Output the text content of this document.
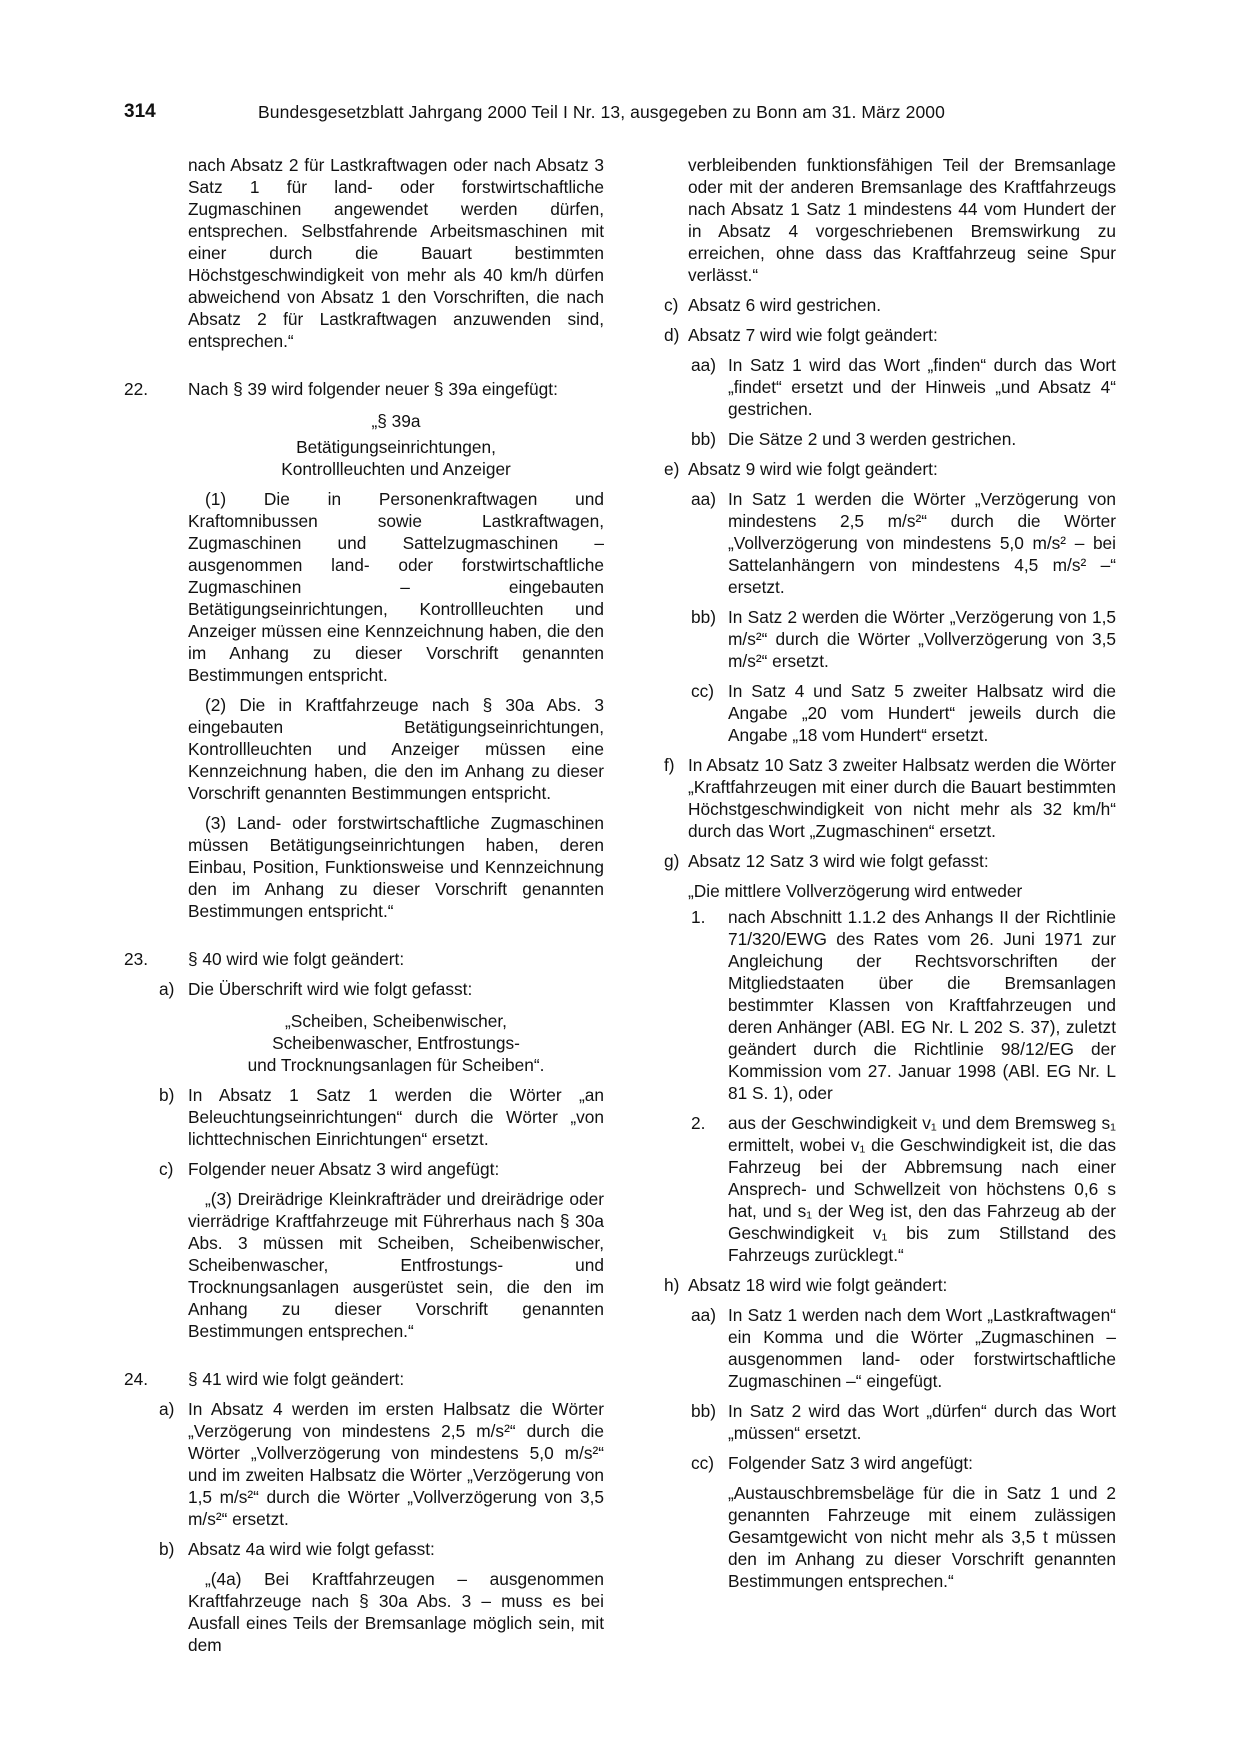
314	Bundesgesetzblatt Jahrgang 2000 Teil I Nr. 13, ausgegeben zu Bonn am 31. März 2000

nach Absatz 2 für Lastkraftwagen oder nach Absatz 3 Satz 1 für land- oder forstwirtschaftliche Zugmaschinen angewendet werden dürfen, entsprechen. Selbstfahrende Arbeitsmaschinen mit einer durch die Bauart bestimmten Höchstgeschwindigkeit von mehr als 40 km/h dürfen abweichend von Absatz 1 den Vorschriften, die nach Absatz 2 für Lastkraftwagen anzuwenden sind, entsprechen.“

22. Nach § 39 wird folgender neuer § 39a eingefügt:

„§ 39a

Betätigungseinrichtungen,

Kontrollleuchten und Anzeiger

(1) Die in Personenkraftwagen und Kraftomnibussen sowie Lastkraftwagen, Zugmaschinen und Sattelzugmaschinen – ausgenommen land- oder forstwirtschaftliche Zugmaschinen – eingebauten Betätigungseinrichtungen, Kontrollleuchten und Anzeiger müssen eine Kennzeichnung haben, die den im Anhang zu dieser Vorschrift genannten Bestimmungen entspricht.

(2) Die in Kraftfahrzeuge nach § 30a Abs. 3 eingebauten Betätigungseinrichtungen, Kontrollleuchten und Anzeiger müssen eine Kennzeichnung haben, die den im Anhang zu dieser Vorschrift genannten Bestimmungen entspricht.

(3) Land- oder forstwirtschaftliche Zugmaschinen müssen Betätigungseinrichtungen haben, deren Einbau, Position, Funktionsweise und Kennzeichnung den im Anhang zu dieser Vorschrift genannten Bestimmungen entspricht.“

23. § 40 wird wie folgt geändert:

a) Die Überschrift wird wie folgt gefasst:

„Scheiben, Scheibenwischer,

Scheibenwascher, Entfrostungs-

und Trocknungsanlagen für Scheiben“.

b) In Absatz 1 Satz 1 werden die Wörter „an Beleuchtungseinrichtungen“ durch die Wörter „von lichttechnischen Einrichtungen“ ersetzt.

c) Folgender neuer Absatz 3 wird angefügt:

„(3) Dreirädrige Kleinkrafträder und dreirädrige oder vierrädrige Kraftfahrzeuge mit Führerhaus nach § 30a Abs. 3 müssen mit Scheiben, Scheibenwischer, Scheibenwascher, Entfrostungs- und Trocknungsanlagen ausgerüstet sein, die den im Anhang zu dieser Vorschrift genannten Bestimmungen entsprechen.“

24. § 41 wird wie folgt geändert:

a) In Absatz 4 werden im ersten Halbsatz die Wörter „Verzögerung von mindestens 2,5 m/s²“ durch die Wörter „Vollverzögerung von mindestens 5,0 m/s²“ und im zweiten Halbsatz die Wörter „Verzögerung von 1,5 m/s²“ durch die Wörter „Vollverzögerung von 3,5 m/s²“ ersetzt.

b) Absatz 4a wird wie folgt gefasst:

„(4a) Bei Kraftfahrzeugen – ausgenommen Kraftfahrzeuge nach § 30a Abs. 3 – muss es bei Ausfall eines Teils der Bremsanlage möglich sein, mit dem

verbleibenden funktionsfähigen Teil der Bremsanlage oder mit der anderen Bremsanlage des Kraftfahrzeugs nach Absatz 1 Satz 1 mindestens 44 vom Hundert der in Absatz 4 vorgeschriebenen Bremswirkung zu erreichen, ohne dass das Kraftfahrzeug seine Spur verlässt.“

c) Absatz 6 wird gestrichen.

d) Absatz 7 wird wie folgt geändert:

aa) In Satz 1 wird das Wort „finden“ durch das Wort „findet“ ersetzt und der Hinweis „und Absatz 4“ gestrichen.

bb) Die Sätze 2 und 3 werden gestrichen.

e) Absatz 9 wird wie folgt geändert:

aa) In Satz 1 werden die Wörter „Verzögerung von mindestens 2,5 m/s²“ durch die Wörter „Vollverzögerung von mindestens 5,0 m/s² – bei Sattelanhängern von mindestens 4,5 m/s² –“ ersetzt.

bb) In Satz 2 werden die Wörter „Verzögerung von 1,5 m/s²“ durch die Wörter „Vollverzögerung von 3,5 m/s²“ ersetzt.

cc) In Satz 4 und Satz 5 zweiter Halbsatz wird die Angabe „20 vom Hundert“ jeweils durch die Angabe „18 vom Hundert“ ersetzt.

f) In Absatz 10 Satz 3 zweiter Halbsatz werden die Wörter „Kraftfahrzeugen mit einer durch die Bauart bestimmten Höchstgeschwindigkeit von nicht mehr als 32 km/h“ durch das Wort „Zugmaschinen“ ersetzt.

g) Absatz 12 Satz 3 wird wie folgt gefasst:

„Die mittlere Vollverzögerung wird entweder

1. nach Abschnitt 1.1.2 des Anhangs II der Richtlinie 71/320/EWG des Rates vom 26. Juni 1971 zur Angleichung der Rechtsvorschriften der Mitgliedstaaten über die Bremsanlagen bestimmter Klassen von Kraftfahrzeugen und deren Anhänger (ABl. EG Nr. L 202 S. 37), zuletzt geändert durch die Richtlinie 98/12/EG der Kommission vom 27. Januar 1998 (ABl. EG Nr. L 81 S. 1), oder

2. aus der Geschwindigkeit v₁ und dem Bremsweg s₁ ermittelt, wobei v₁ die Geschwindigkeit ist, die das Fahrzeug bei der Abbremsung nach einer Ansprech- und Schwellzeit von höchstens 0,6 s hat, und s₁ der Weg ist, den das Fahrzeug ab der Geschwindigkeit v₁ bis zum Stillstand des Fahrzeugs zurücklegt.“

h) Absatz 18 wird wie folgt geändert:

aa) In Satz 1 werden nach dem Wort „Lastkraftwagen“ ein Komma und die Wörter „Zugmaschinen – ausgenommen land- oder forstwirtschaftliche Zugmaschinen –“ eingefügt.

bb) In Satz 2 wird das Wort „dürfen“ durch das Wort „müssen“ ersetzt.

cc) Folgender Satz 3 wird angefügt:

„Austauschbremsbeläge für die in Satz 1 und 2 genannten Fahrzeuge mit einem zulässigen Gesamtgewicht von nicht mehr als 3,5 t müssen den im Anhang zu dieser Vorschrift genannten Bestimmungen entsprechen.“
